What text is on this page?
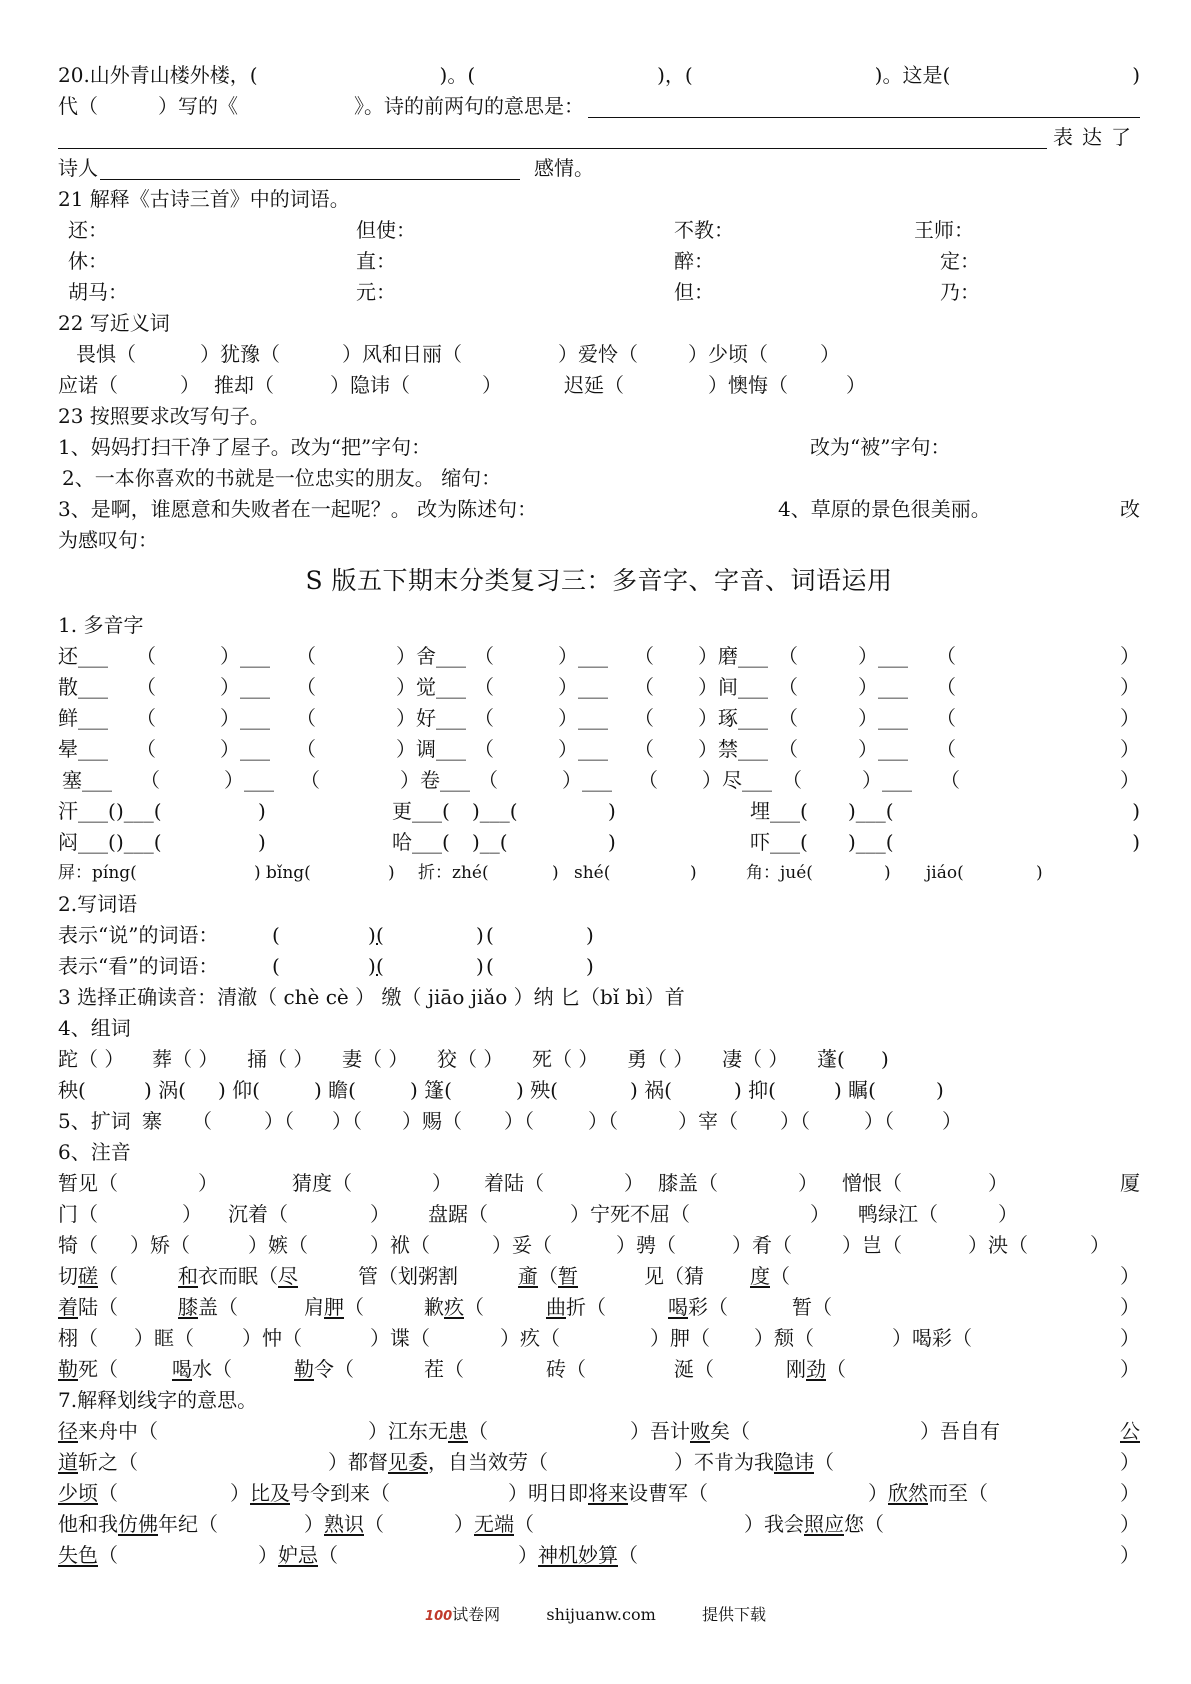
20.山外青山楼外楼，(	)。(	)，(	)。这是(	)
代（	）写的《	》。诗的前两句的意思是：
表达了
诗人	感情。
21 解释《古诗三首》中的词语。
还：	但使：	不教：	王师：
休：	直：	醉：	定：
胡马：	元：	但：	乃：
22 写近义词
畏惧（	）犹豫（	）风和日丽（	）爱怜（	）少顷（	）
应诺（	） 推却（	）隐讳（	）	迟延（	）懊悔（	）
23 按照要求改写句子。
1、妈妈打扫干净了屋子。改为“把”字句：	改为“被”字句：
2、一本你喜欢的书就是一位忠实的朋友。 缩句：
3、是啊，谁愿意和失败者在一起呢？。 改为陈述句：	4、草原的景色很美丽。	改
为感叹句：
S 版五下期末分类复习三：多音字、字音、词语运用
1. 多音字
还___	（	）___	（	）舍___ （	）___	（	）磨___ （	）___	（	）
散___	（	）___	（	）觉___ （	）___	（	）间___ （	）___	（	）
鲜___	（	）___	（	）好___ （	）___	（	）琢___ （	）___	（	）
晕___	（	）___	（	）调___ （	）___	（	）禁___ （	）___	（	）
塞___	（	）___	（	）卷___ （	）___	（	）尽___ （	）___	（	）
汗___( )___(	)	更___(	)___(	)	埋___(	)___(	)
闷___( )___(	)	哈___(	)__(	)	吓___(	)___(	)
屏：píng(	) bǐng(	)	折：zhé(	) shé(	)	角：jué(	)	jiáo(	)
2.写词语
表示“说”的词语：	(	) (	) (	)
表示“看”的词语：	(	) (	) (	)
3 选择正确读音：清澈（ chè cè ） 缴（ jiāo jiǎo ）纳 匕（bǐ bì）首
4、组词
跎（ ）	葬（ ）	捅（ ）	妻（ ）	狡（ ）	死（ ）	勇（ ）	凄（ ）	蓬(	)
秧(	) 涡(	) 仰(	) 瞻(	) 篷(	) 殃(	) 祸(	) 抑(	) 瞩(	)
5、扩词 寨	（	）（	）（	）赐（	）（	）（	）宰（	）（	）（	）
6、注音
暂见（	）	猜度（	）	着陆（	） 膝盖（	）	憎恨（	）	厦
门（	）	沉着（	）	盘踞（	）宁死不屈（	）	鸭绿江（	）
犄（	）矫（	）嫉（	）袱（	）妥（	）骋（	）肴（	）岂（	）泱（	）
切 磋 （	和 衣而眠（ 尽	管（ 划粥割	齑 （ 暂	见（ 猜 度 （	）
着 陆（	膝 盖（	肩 胛 （	歉 疚 （	曲 折（	喝 彩（	暂（	）
栩（	）眶（	）忡（	）谍（	）疚（	）胛（	）颓（	）喝彩（	）
勒 死（	喝 水（	勒 令（	茬（	砖（	涎（	刚 劲 （	）
7.解释划线字的意思。
径 来舟中（	）江东无 患 （	）吾计 败 矣（	）吾自有	公
道 斩之（	）都督 见委 ，自当效劳（	）不肯为我 隐讳 （	）
少顷 （	） 比及 号令到来（	）明日即 将来 设曹军（	） 欣然 而至（	）
他和我 仿佛 年纪（	） 熟识 （	） 无端 （	）我会 照应 您（	）
失色 （	） 妒忌 （	） 神机妙算 （	）
100试卷网	shijuanw.com	提供下载
